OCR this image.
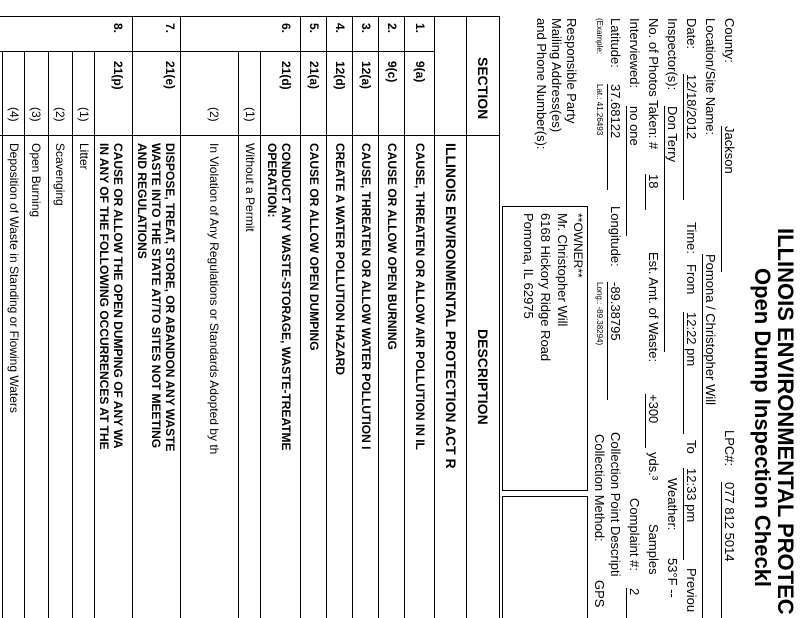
ILLINOIS ENVIRONMENTAL PROTEC
Open Dump Inspection Checkl
County:
Jackson
LPC#:
077 812 5014
Location/Site Name:
Pomona / Christopher Will
Date:
12/18/2012
Time:
From
12:22 pm
To
12:33 pm
Previou
Inspector(s):
Don Terry
Weather:
53°F --
No. of Photos Taken: #
18
Est. Amt. of Waste:
+300
yds.³
Samples
Interviewed:
no one
Complaint #:
2
Latitude:
37.68122
Longitude:
-89.38795
Collection Point Descripti
(Example:
Lat.: 41.26493
Long.: -89.38294)
Collection Method:
GPS
Responsible Party
Mailing Address(es)
and Phone Number(s):
**OWNER**
Mr. Christopher Will
6168 Hickory Ridge Road
Pomona, IL 62975
SECTION
DESCRIPTION
ILLINOIS ENVIRONMENTAL PROTECTION ACT R
1.
9(a)
CAUSE, THREATEN OR ALLOW AIR POLLUTION IN IL
2.
9(c)
CAUSE OR ALLOW OPEN BURNING
3.
12(a)
CAUSE, THREATEN OR ALLOW WATER POLLUTION I
4.
12(d)
CREATE A WATER POLLUTION HAZARD
5.
21(a)
CAUSE OR ALLOW OPEN DUMPING
6.
21(d)
CONDUCT ANY WASTE-STORAGE, WASTE-TREATME
OPERATION:
(1)
Without a Permit
(2)
In Violation of Any Regulations or Standards Adopted by th
7.
21(e)
DISPOSE, TREAT, STORE, OR ABANDON ANY WASTE
WASTE INTO THE STATE AT/TO SITES NOT MEETING
AND REGULATIONS
8.
21(p)
CAUSE OR ALLOW THE OPEN DUMPING OF ANY WA
IN ANY OF THE FOLLOWING OCCURRENCES AT THE
(1)
Litter
(2)
Scavenging
(3)
Open Burning
(4)
Deposition of Waste in Standing or Flowing Waters
